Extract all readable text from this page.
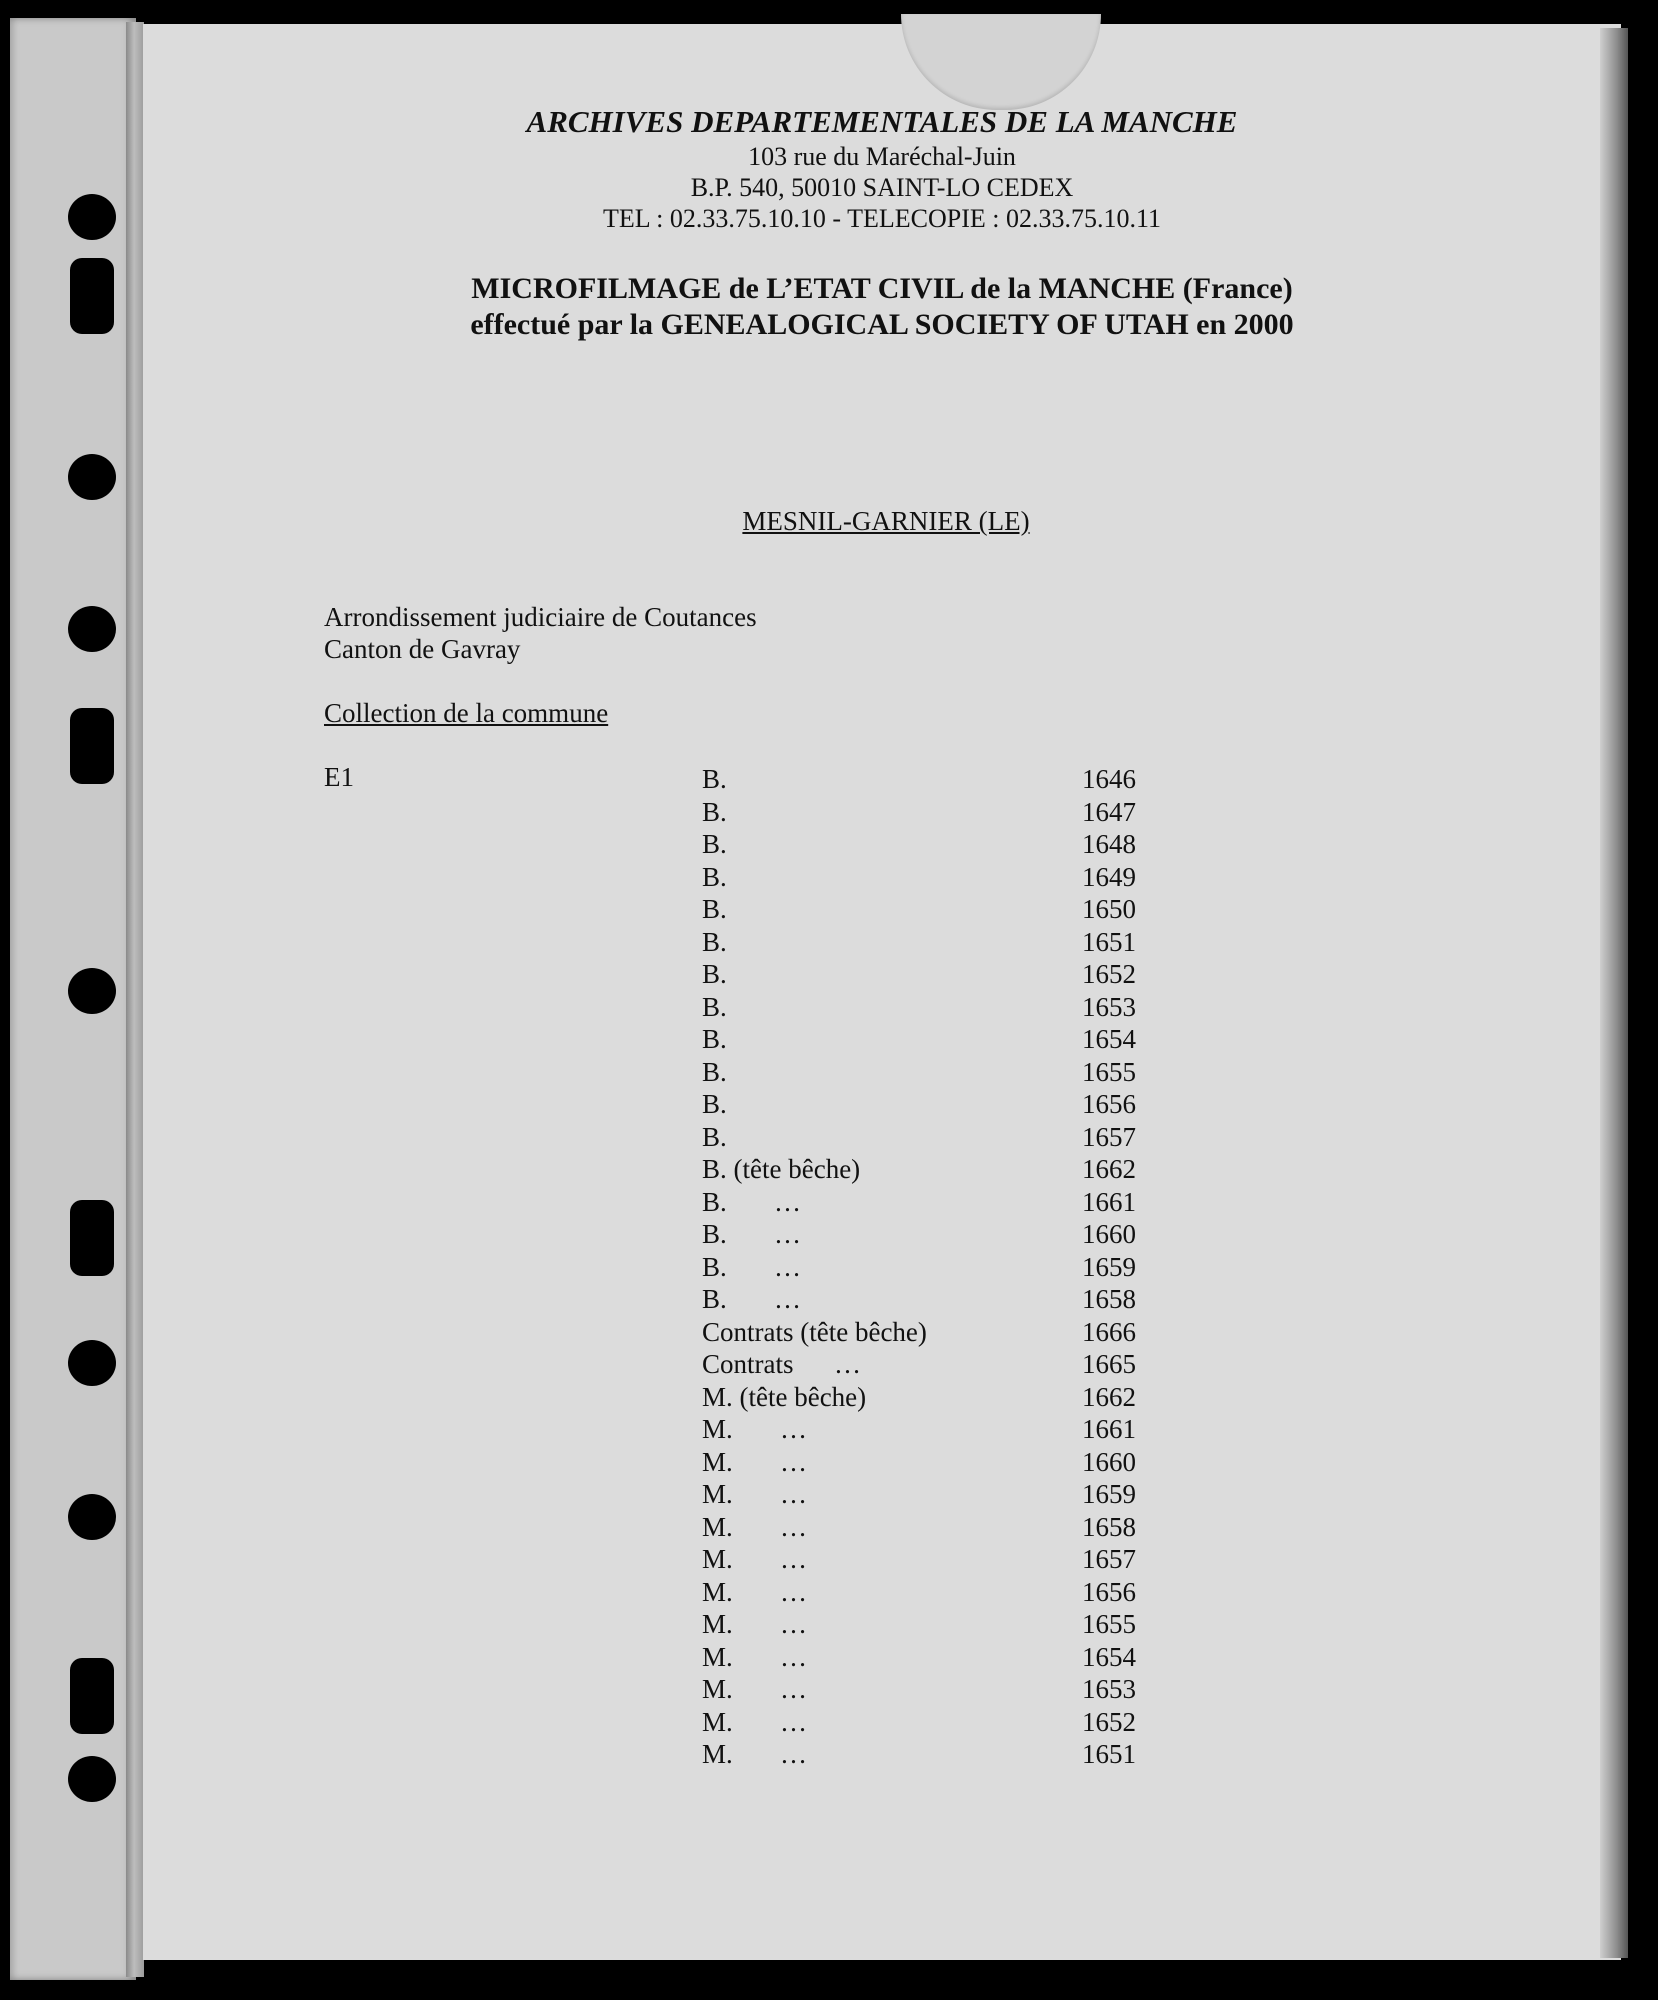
ARCHIVES DEPARTEMENTALES DE LA MANCHE
103 rue du Maréchal-Juin
B.P. 540, 50010 SAINT-LO CEDEX
TEL : 02.33.75.10.10 - TELECOPIE : 02.33.75.10.11
MICROFILMAGE de L’ETAT CIVIL de la MANCHE (France)
effectué par la GENEALOGICAL SOCIETY OF UTAH en 2000
MESNIL-GARNIER (LE)
Arrondissement judiciaire de Coutances
Canton de Gavray
Collection de la commune
E1	B.	1646
B.	1647
B.	1648
B.	1649
B.	1650
B.	1651
B.	1652
B.	1653
B.	1654
B.	1655
B.	1656
B.	1657
B. (tête bêche)	1662
B.       …	1661
B.       …	1660
B.       …	1659
B.       …	1658
Contrats (tête bêche)	1666
Contrats      …	1665
M. (tête bêche)	1662
M.       …	1661
M.       …	1660
M.       …	1659
M.       …	1658
M.       …	1657
M.       …	1656
M.       …	1655
M.       …	1654
M.       …	1653
M.       …	1652
M.       …	1651
